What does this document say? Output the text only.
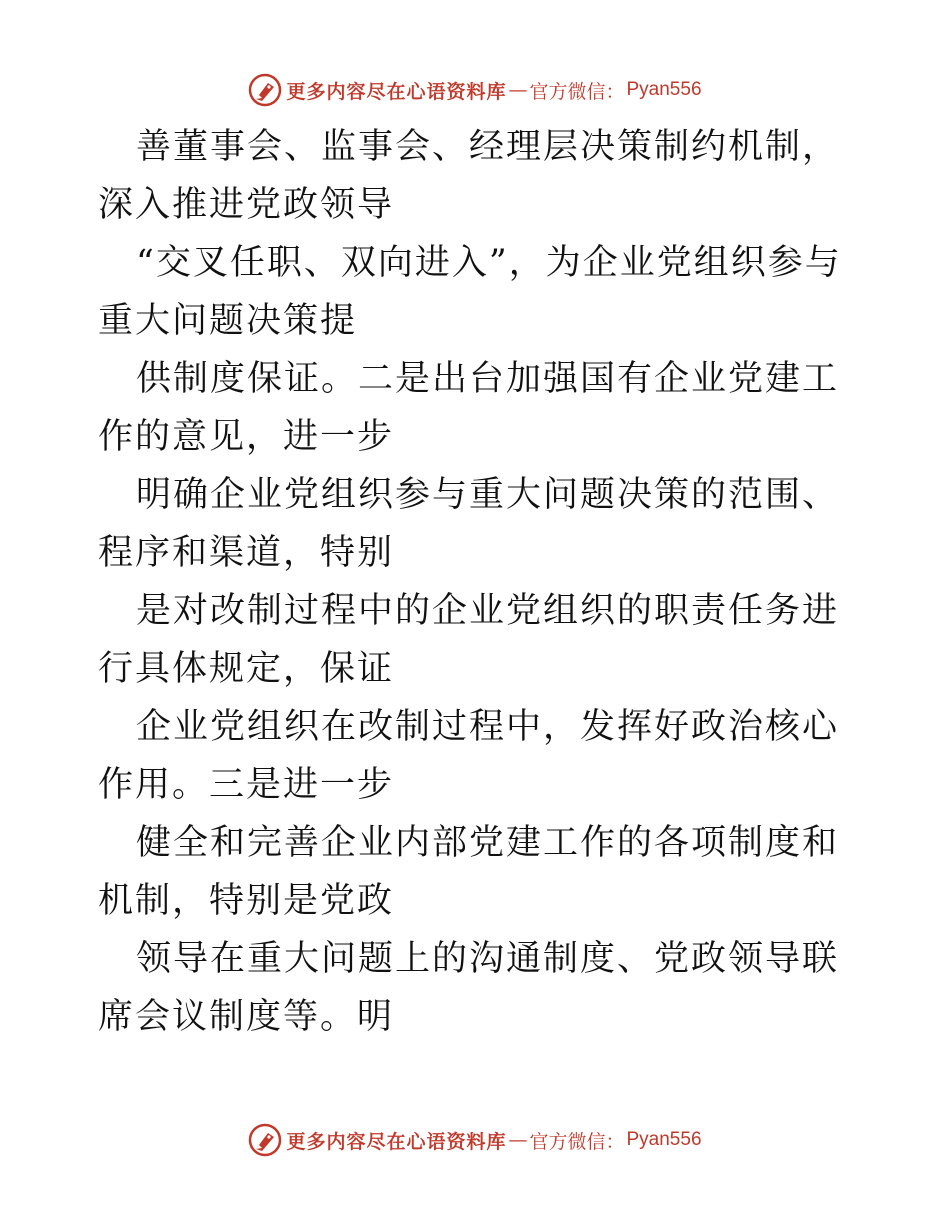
更多内容尽在心语资料库 — 官方微信： Pyan556

善董事会、监事会、经理层决策制约机制，深入推进党政领导

“交叉任职、双向进入”，为企业党组织参与重大问题决策提

供制度保证。二是出台加强国有企业党建工作的意见，进一步

明确企业党组织参与重大问题决策的范围、程序和渠道，特别

是对改制过程中的企业党组织的职责任务进行具体规定，保证

企业党组织在改制过程中，发挥好政治核心作用。三是进一步

健全和完善企业内部党建工作的各项制度和机制，特别是党政

领导在重大问题上的沟通制度、党政领导联席会议制度等。明

更多内容尽在心语资料库 — 官方微信： Pyan556
